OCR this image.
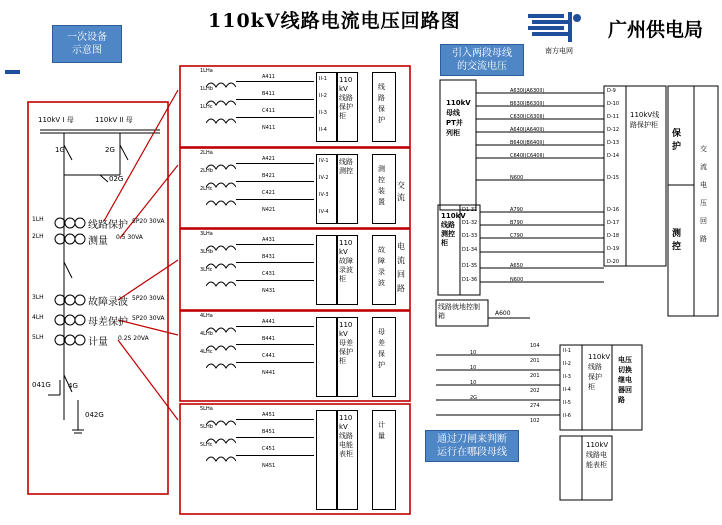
110kV线路电流电压回路图	广州供电局
南方电网
一次设备
示意图	引入两段母线
的交流电压
通过刀闸来判断
运行在哪段母线
110kV I 母	110kV II 母
1G	2G
02G
4G
041G
042G
1LH
线路保护 5P20 30VA
2LH	测量 0.5 30VA
3LH	故障录波 5P20 30VA
4LH	母差保护 5P20 30VA
5LH	计量 0.2S 20VA
1LHa
1LHb
1LHc
A411
B411
C411
N411
II-1
II-2
II-3
II-4
110kV线路保护柜
线路保护
2LHa
2LHb
2LHc
A421
B421
C421
N421
IV-1
IV-2
IV-3
IV-4
线路测控	测控装置
3LHa
3LHb
3LHc
A431
B431
C431
N431
110kV故障录波柜
故障录波
4LHa
4LHb
4LHc
A441
B441
C441
N441
110kV母差保护柜
母差保护
5LHa
5LHb
5LHc
A451
B451
C451
N451
110kV线路电能表柜
计量
交流
电流回路
110kV母线PT并列柜
A630I(A630II)	D-9
B630I(B630II)	D-10
C630I(C630II)	D-11
A640I(A640II)	D-12
B640I(B640II)	D-13
C640I(C640II)	D-14
N600	D-15
D-16
D-17
D-18
D-19
D-20
110kV线路保护柜
保护
测控
交流电压回路
110kV线路测控柜
D1-31	A790
D1-32	B790
D1-33	C790
D1-34
D1-35	A650
D1-36	N600
线路就地控制箱	A600
10
10
10
2G
104
201
201
202
274
102
II-1
II-2
II-3
II-4
II-5
II-6
110kV线路保护柜
电压切换继电器回路
110kV线路电能表柜
